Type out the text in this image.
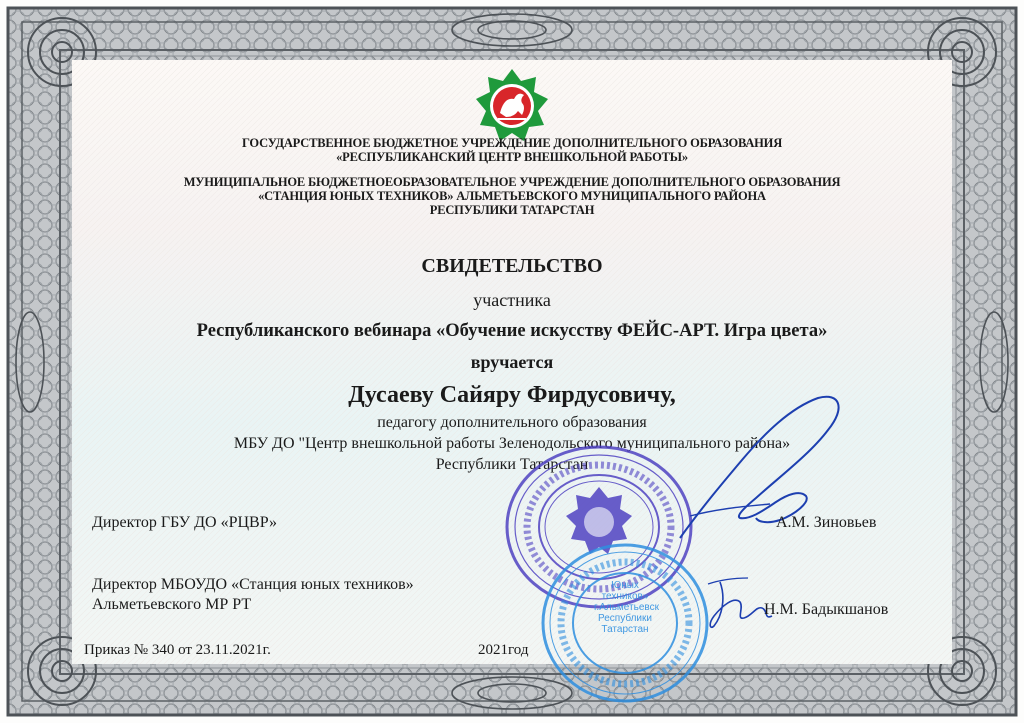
ГОСУДАРСТВЕННОЕ БЮДЖЕТНОЕ УЧРЕЖДЕНИЕ ДОПОЛНИТЕЛЬНОГО ОБРАЗОВАНИЯ
«РЕСПУБЛИКАНСКИЙ ЦЕНТР ВНЕШКОЛЬНОЙ РАБОТЫ»
МУНИЦИПАЛЬНОЕ БЮДЖЕТНОЕОБРАЗОВАТЕЛЬНОЕ УЧРЕЖДЕНИЕ ДОПОЛНИТЕЛЬНОГО ОБРАЗОВАНИЯ
«СТАНЦИЯ ЮНЫХ ТЕХНИКОВ» АЛЬМЕТЬЕВСКОГО МУНИЦИПАЛЬНОГО РАЙОНА
РЕСПУБЛИКИ ТАТАРСТАН
СВИДЕТЕЛЬСТВО
участника
Республиканского вебинара «Обучение искусству ФЕЙС-АРТ. Игра цвета»
вручается
Дусаеву Сайяру Фирдусовичу,
педагогу дополнительного образования
МБУ ДО "Центр внешкольной работы Зеленодольского муниципального района»
Республики Татарстан
Юных
техников»
г.Альметьевск
Республики
Татарстан
Директор ГБУ ДО «РЦВР»	А.М. Зиновьев
Директор МБОУДО «Станция юных техников»
Альметьевского МР РТ	Н.М. Бадыкшанов
Приказ № 340 от 23.11.2021г.	2021год
